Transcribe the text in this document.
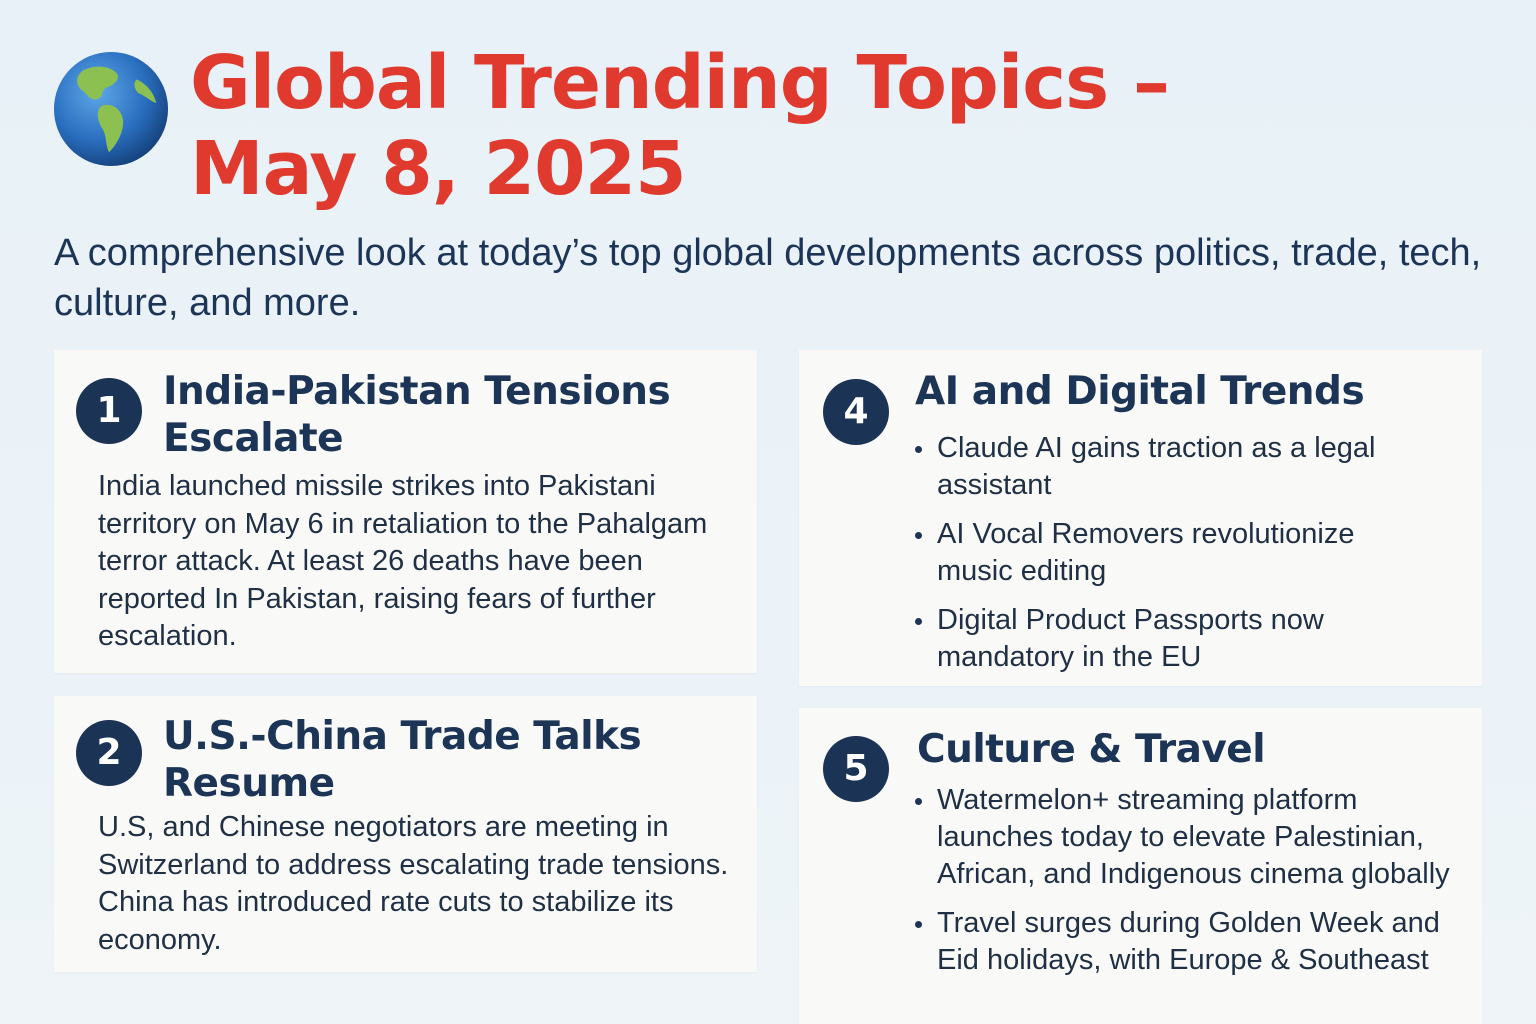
Global Trending Topics – May 8, 2025

A comprehensive look at today’s top global developments across politics, trade, tech, culture, and more.

1	India-Pakistan Tensions Escalate

India launched missile strikes into Pakistani territory on May 6 in retaliation to the Pahalgam terror attack. At least 26 deaths have been reported In Pakistan, raising fears of further escalation.

2	U.S.-China Trade Talks Resume

U.S, and Chinese negotiators are meeting in Switzerland to address escalating trade tensions. China has introduced rate cuts to stabilize its economy.

4	AI and Digital Trends
Claude AI gains traction as a legal assistant
AI Vocal Removers revolutionize music editing
Digital Product Passports now mandatory in the EU
5	Culture & Travel
Watermelon+ streaming platform launches today to elevate Palestinian, African, and Indigenous cinema globally
Travel surges during Golden Week and Eid holidays, with Europe & Southeast
